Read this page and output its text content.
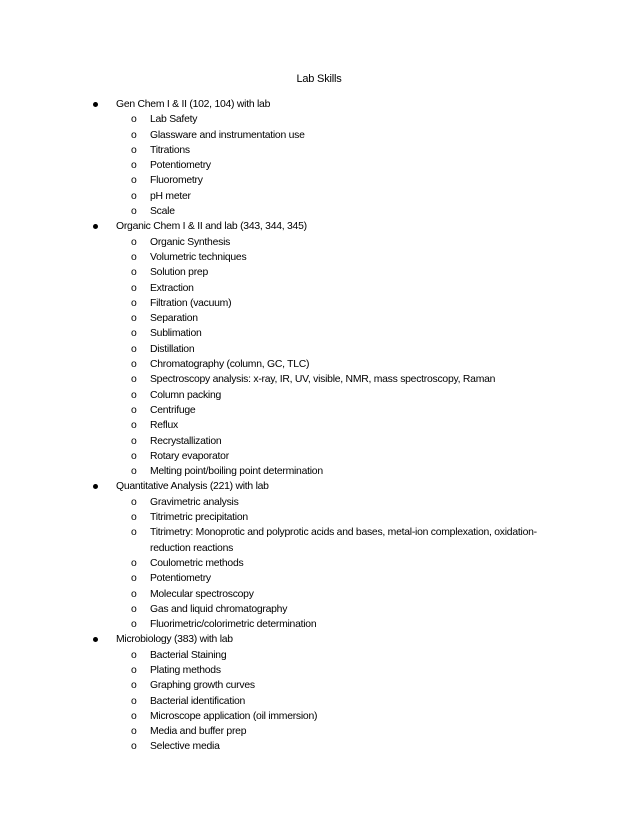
Lab Skills
Gen Chem I & II (102, 104) with lab
o Lab Safety
o Glassware and instrumentation use
o Titrations
o Potentiometry
o Fluorometry
o pH meter
o Scale
Organic Chem I & II and lab (343, 344, 345)
o Organic Synthesis
o Volumetric techniques
o Solution prep
o Extraction
o Filtration (vacuum)
o Separation
o Sublimation
o Distillation
o Chromatography (column, GC, TLC)
o Spectroscopy analysis: x-ray, IR, UV, visible, NMR, mass spectroscopy, Raman
o Column packing
o Centrifuge
o Reflux
o Recrystallization
o Rotary evaporator
o Melting point/boiling point determination
Quantitative Analysis (221) with lab
o Gravimetric analysis
o Titrimetric precipitation
o Titrimetry: Monoprotic and polyprotic acids and bases, metal-ion complexation, oxidation-reduction reactions
o Coulometric methods
o Potentiometry
o Molecular spectroscopy
o Gas and liquid chromatography
o Fluorimetric/colorimetric determination
Microbiology (383) with lab
o Bacterial Staining
o Plating methods
o Graphing growth curves
o Bacterial identification
o Microscope application (oil immersion)
o Media and buffer prep
o Selective media
